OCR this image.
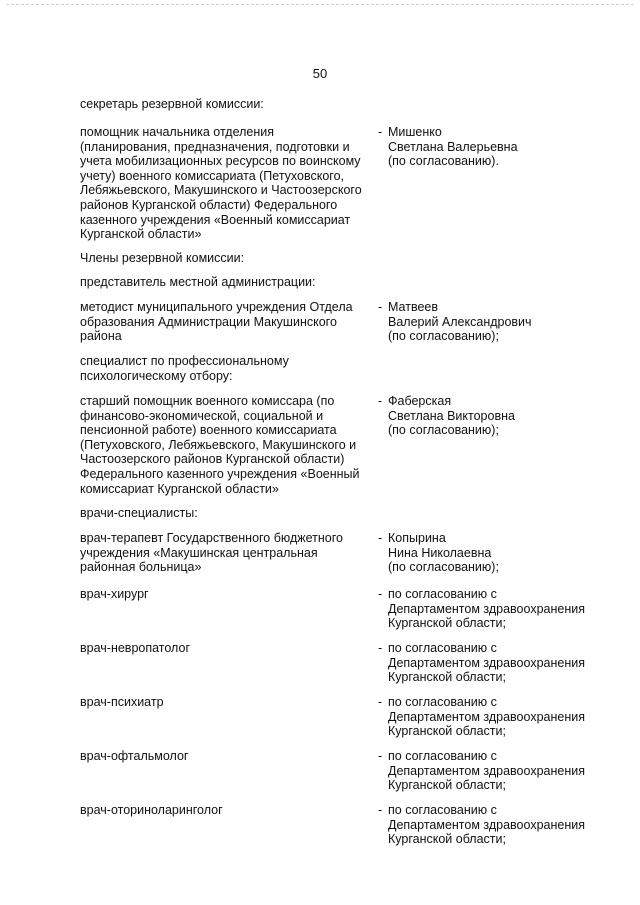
50
секретарь резервной комиссии:
помощник начальника отделения
(планирования, предназначения, подготовки и
учета мобилизационных ресурсов по воинскому
учету) военного комиссариата (Петуховского,
Лебяжьевского, Макушинского и Частоозерского
районов Курганской области) Федерального
казенного учреждения «Военный комиссариат
Курганской области»
- Мишенко
Светлана Валерьевна
(по согласованию).
Члены резервной комиссии:
представитель местной администрации:
методист муниципального учреждения Отдела
образования Администрации Макушинского
района
- Матвеев
Валерий Александрович
(по согласованию);
специалист по профессиональному
психологическому отбору:
старший помощник военного комиссара (по
финансово-экономической, социальной и
пенсионной работе) военного комиссариата
(Петуховского, Лебяжьевского, Макушинского и
Частоозерского районов Курганской области)
Федерального казенного учреждения «Военный
комиссариат Курганской области»
- Фаберская
Светлана Викторовна
(по согласованию);
врачи-специалисты:
врач-терапевт Государственного бюджетного
учреждения «Макушинская центральная
районная больница»
- Копырина
Нина Николаевна
(по согласованию);
врач-хирург	- по согласованию с
Департаментом здравоохранения
Курганской области;
врач-невропатолог	- по согласованию с
Департаментом здравоохранения
Курганской области;
врач-психиатр	- по согласованию с
Департаментом здравоохранения
Курганской области;
врач-офтальмолог	- по согласованию с
Департаментом здравоохранения
Курганской области;
врач-оториноларинголог	- по согласованию с
Департаментом здравоохранения
Курганской области;
